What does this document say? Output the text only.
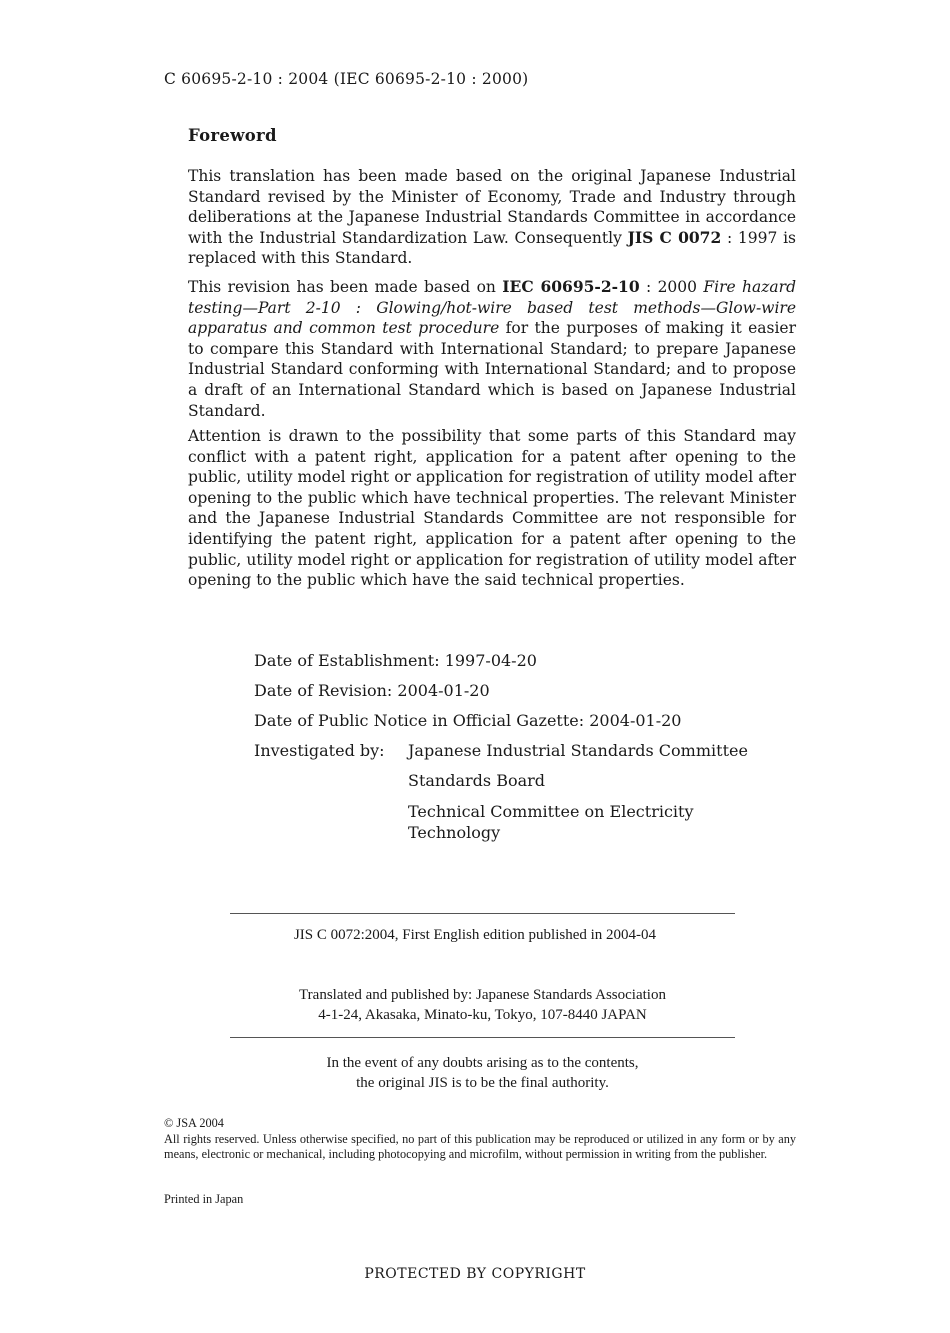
C 60695-2-10 : 2004 (IEC 60695-2-10 : 2000)
Foreword
This translation has been made based on the original Japanese Industrial Standard revised by the Minister of Economy, Trade and Industry through deliberations at the Japanese Industrial Standards Committee in accordance with the Industrial Standardization Law. Consequently JIS C 0072 : 1997 is replaced with this Standard.
This revision has been made based on IEC 60695-2-10 : 2000 Fire hazard testing—Part 2-10 : Glowing/hot-wire based test methods—Glow-wire apparatus and common test procedure for the purposes of making it easier to compare this Standard with International Standard; to prepare Japanese Industrial Standard conforming with International Standard; and to propose a draft of an International Standard which is based on Japanese Industrial Standard.
Attention is drawn to the possibility that some parts of this Standard may conflict with a patent right, application for a patent after opening to the public, utility model right or application for registration of utility model after opening to the public which have technical properties. The relevant Minister and the Japanese Industrial Standards Committee are not responsible for identifying the patent right, application for a patent after opening to the public, utility model right or application for registration of utility model after opening to the public which have the said technical properties.
Date of Establishment: 1997-04-20
Date of Revision: 2004-01-20
Date of Public Notice in Official Gazette: 2004-01-20
Investigated by: Japanese Industrial Standards Committee
Standards Board
Technical Committee on Electricity Technology
JIS C 0072:2004, First English edition published in 2004-04
Translated and published by: Japanese Standards Association
4-1-24, Akasaka, Minato-ku, Tokyo, 107-8440 JAPAN
In the event of any doubts arising as to the contents,
the original JIS is to be the final authority.
© JSA 2004
All rights reserved. Unless otherwise specified, no part of this publication may be reproduced or utilized in any form or by any means, electronic or mechanical, including photocopying and microfilm, without permission in writing from the publisher.
Printed in Japan
PROTECTED BY COPYRIGHT
